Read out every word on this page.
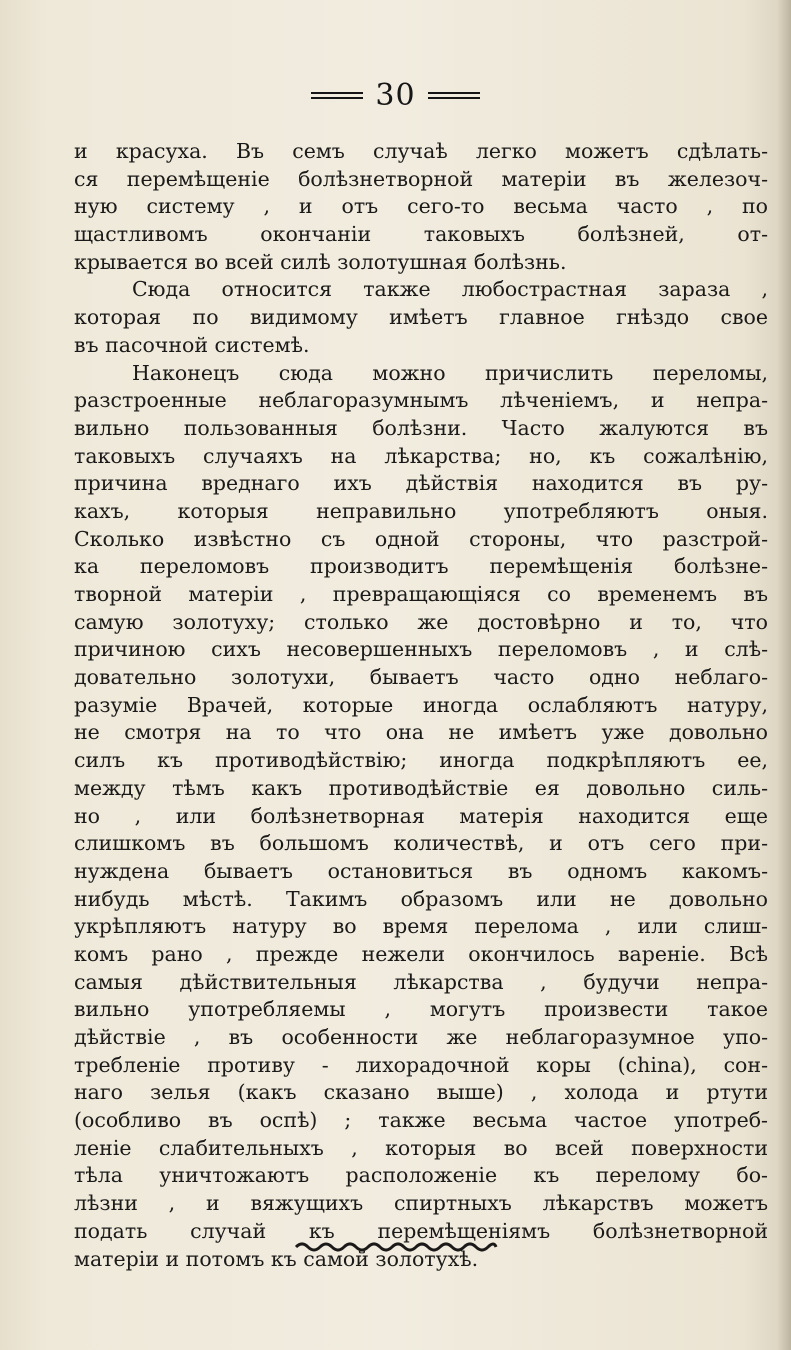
30
и красуха. Въ семъ случаѣ легко можетъ сдѣлать-
ся перемѣщеніе болѣзнетворной матеріи въ железоч-
ную систему , и отъ сего-то весьма часто , по
щастливомъ окончаніи таковыхъ болѣзней, от-
крывается во всей силѣ золотушная болѣзнь.
Сюда относится также любострастная зараза ,
которая по видимому имѣетъ главное гнѣздо свое
въ пасочной системѣ.
Наконецъ сюда можно причислить переломы,
разстроенные неблагоразумнымъ лѣченіемъ, и непра-
вильно пользованныя болѣзни. Часто жалуются въ
таковыхъ случаяхъ на лѣкарства; но, къ сожалѣнію,
причина вреднаго ихъ дѣйствія находится въ ру-
кахъ, которыя неправильно употребляютъ оныя.
Сколько извѣстно съ одной стороны, что разстрой-
ка переломовъ производитъ перемѣщенія болѣзне-
творной матеріи , превращающіяся со временемъ въ
самую золотуху; столько же достовѣрно и то, что
причиною сихъ несовершенныхъ переломовъ , и слѣ-
довательно золотухи, бываетъ часто одно неблаго-
разуміе Врачей, которые иногда ослабляютъ натуру,
не смотря на то что она не имѣетъ уже довольно
силъ къ противодѣйствію; иногда подкрѣпляютъ ее,
между тѣмъ какъ противодѣйствіе ея довольно силь-
но , или болѣзнетворная матерія находится еще
слишкомъ въ большомъ количествѣ, и отъ сего при-
нуждена бываетъ остановиться въ одномъ какомъ-
нибудь мѣстѣ. Такимъ образомъ или не довольно
укрѣпляютъ натуру во время перелома , или слиш-
комъ рано , прежде нежели окончилось вареніе. Всѣ
самыя дѣйствительныя лѣкарства , будучи непра-
вильно употребляемы , могутъ произвести такое
дѣйствіе , въ особенности же неблагоразумное упо-
требленіе противу - лихорадочной коры (china), сон-
наго зелья (какъ сказано выше) , холода и ртути
(особливо въ оспѣ) ; также весьма частое употреб-
леніе слабительныхъ , которыя во всей поверхности
тѣла уничтожаютъ расположеніе къ перелому бо-
лѣзни , и вяжущихъ спиртныхъ лѣкарствъ можетъ
подать случай къ перемѣщеніямъ болѣзнетворной
матеріи и потомъ къ самой золотухѣ.
